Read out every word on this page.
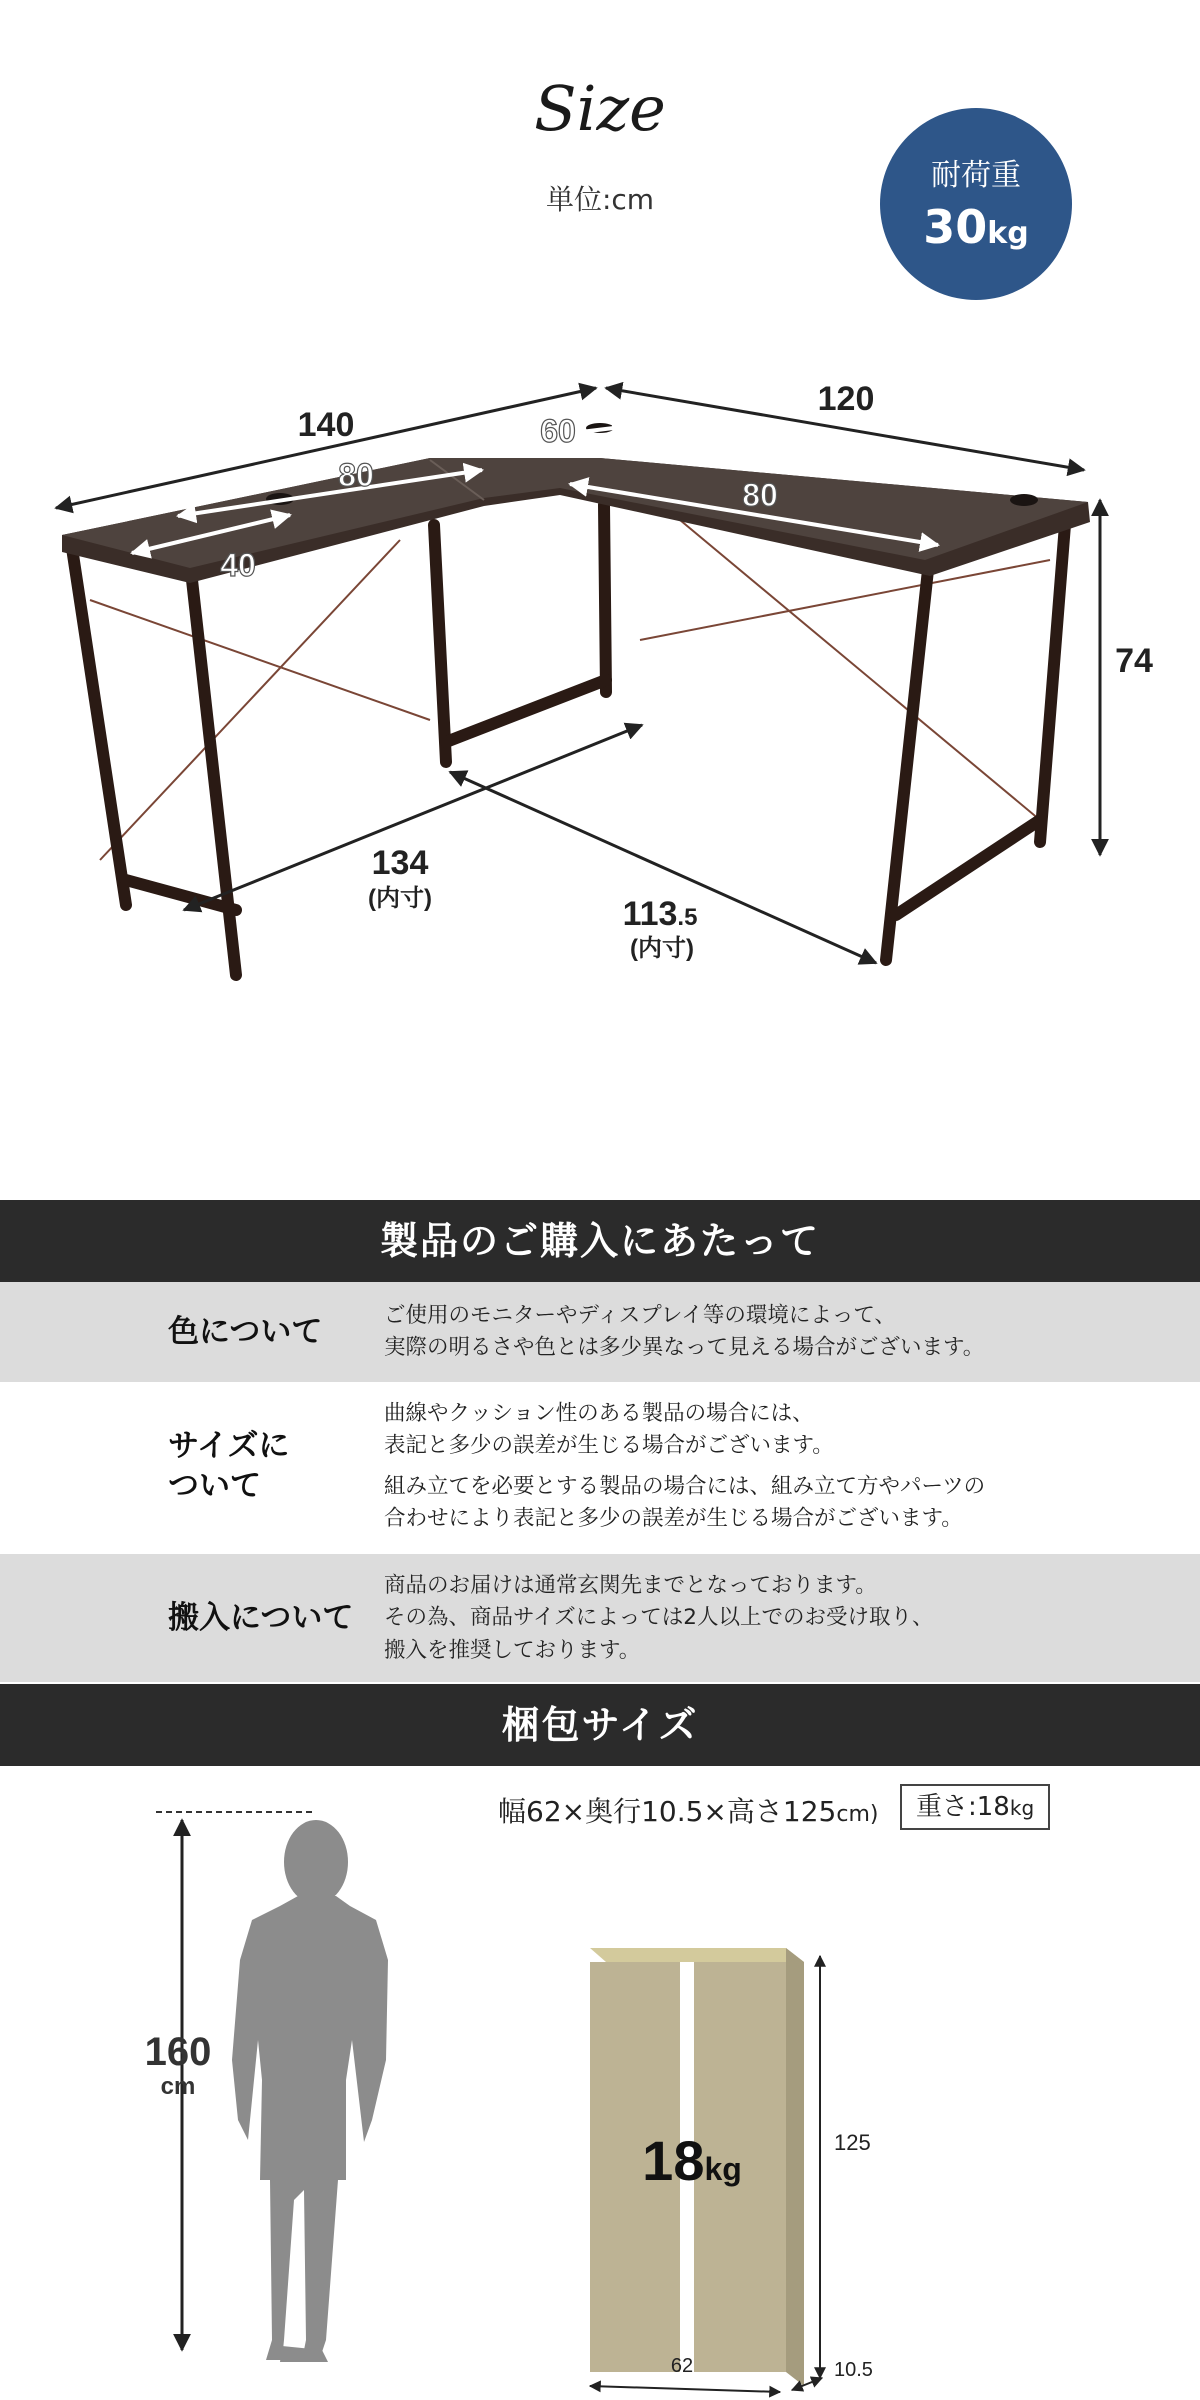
Size
単位:cm
耐荷重
30kg
140
120
74
134
113.5
(内寸)
(内寸)
80
40
60
80
製品のご購入にあたって
色について	ご使用のモニターやディスプレイ等の環境によって、
実際の明るさや色とは多少異なって見える場合がございます。
サイズに
ついて
曲線やクッション性のある製品の場合には、
表記と多少の誤差が生じる場合がございます。
組み立てを必要とする製品の場合には、組み立て方やパーツの
合わせにより表記と多少の誤差が生じる場合がございます。
搬入について
商品のお届けは通常玄関先までとなっております。
その為、商品サイズによっては2人以上でのお受け取り、
搬入を推奨しております。
梱包サイズ
幅62×奥行10.5×高さ125cm)	重さ:18kg
160
cm
18kg
125
62	10.5
